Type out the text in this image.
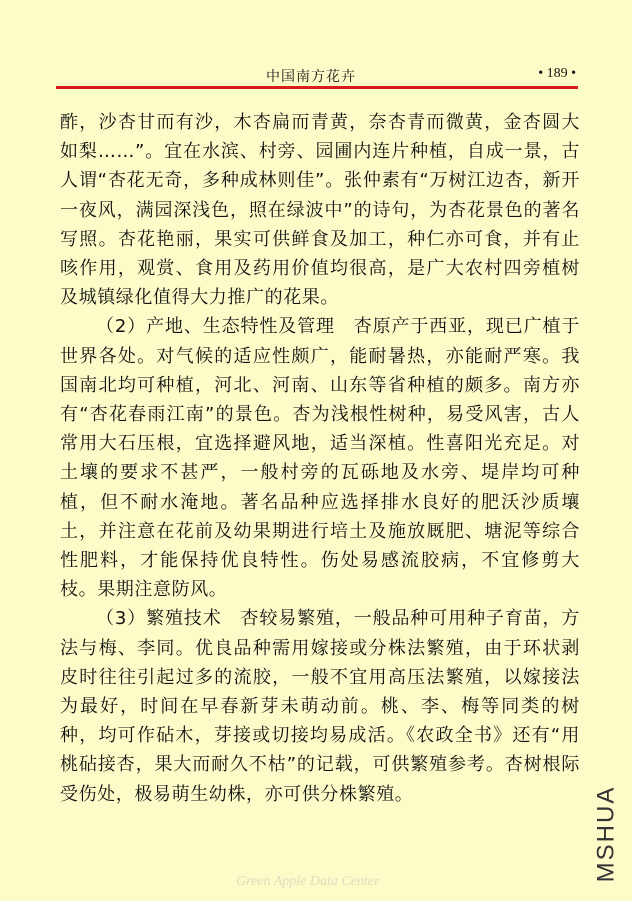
中国南方花卉	• 189 •

酢，沙杏甘而有沙，木杏扁而青黄，奈杏青而微黄，金杏圆大如梨……”。宜在水滨、村旁、园圃内连片种植，自成一景，古人谓“杏花无奇，多种成林则佳”。张仲素有“万树江边杏，新开一夜风，满园深浅色，照在绿波中”的诗句，为杏花景色的著名写照。杏花艳丽，果实可供鲜食及加工，种仁亦可食，并有止咳作用，观赏、食用及药用价值均很高，是广大农村四旁植树及城镇绿化值得大力推广的花果。

（2）产地、生态特性及管理　杏原产于西亚，现已广植于世界各处。对气候的适应性颇广，能耐暑热，亦能耐严寒。我国南北均可种植，河北、河南、山东等省种植的颇多。南方亦有“杏花春雨江南”的景色。杏为浅根性树种，易受风害，古人常用大石压根，宜选择避风地，适当深植。性喜阳光充足。对土壤的要求不甚严，一般村旁的瓦砾地及水旁、堤岸均可种植，但不耐水淹地。著名品种应选择排水良好的肥沃沙质壤土，并注意在花前及幼果期进行培土及施放厩肥、塘泥等综合性肥料，才能保持优良特性。伤处易感流胶病，不宜修剪大枝。果期注意防风。

（3）繁殖技术　杏较易繁殖，一般品种可用种子育苗，方法与梅、李同。优良品种需用嫁接或分株法繁殖，由于环状剥皮时往往引起过多的流胶，一般不宜用高压法繁殖，以嫁接法为最好，时间在早春新芽未萌动前。桃、李、梅等同类的树种，均可作砧木，芽接或切接均易成活。《农政全书》还有“用桃砧接杏，果大而耐久不枯”的记载，可供繁殖参考。杏树根际受伤处，极易萌生幼株，亦可供分株繁殖。	MSHUA
Green Apple Data Center
